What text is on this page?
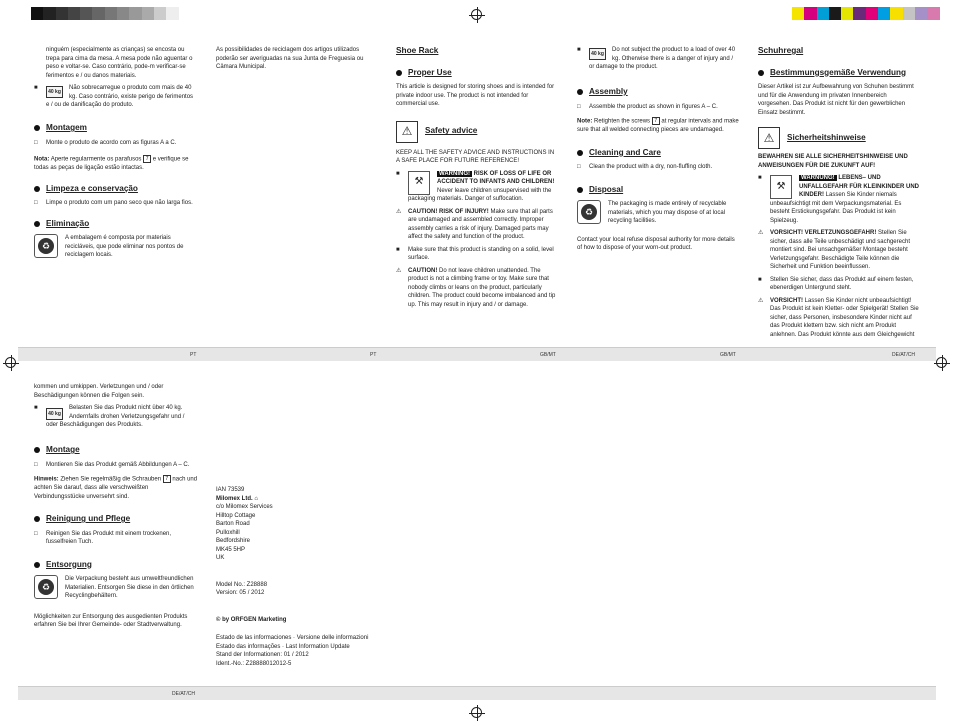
PT	PT	GB/MT	GB/MT	DE/AT/CH
DE/AT/CH

ninguém (especialmente as crianças) se encosta ou trepa para cima da mesa. A mesa pode não aguentar o peso e voltar-se. Caso contrário, pode-m verificar-se ferimentos e / ou danos materiais.

■
40 kg
Não sobrecarregue o produto com mais de 40 kg. Caso contrário, existe perigo de ferimentos e / ou de danificação do produto.
Montagem
□ Monte o produto de acordo com as figuras A a C.

Nota: Aperte regularmente os parafusos 7 e verifique se todas as peças de ligação estão intactas.

Limpeza e conservação
□ Limpe o produto com um pano seco que não larga fios.
Eliminação
♻

A embalagem é composta por materiais recicláveis, que pode eliminar nos pontos de reciclagem locais.

As possibilidades de reciclagem dos artigos utilizados poderão ser averiguadas na sua Junta de Freguesia ou Câmara Municipal.

Shoe Rack
Proper Use

This article is designed for storing shoes and is intended for private indoor use. The product is not intended for commercial use.

⚠	Safety advice

KEEP ALL THE SAFETY ADVICE AND INSTRUCTIONS IN A SAFE PLACE FOR FUTURE REFERENCE!

■
⚒
WARNING! RISK OF LOSS OF LIFE OR ACCIDENT TO INFANTS AND CHILDREN! Never leave children unsupervised with the packaging materials. Danger of suffocation.
⚠ CAUTION! RISK OF INJURY! Make sure that all parts are undamaged and assembled correctly. Improper assembly carries a risk of injury. Damaged parts may affect the safety and function of the product.
■ Make sure that this product is standing on a solid, level surface.
⚠ CAUTION! Do not leave children unattended. The product is not a climbing frame or toy. Make sure that nobody climbs or leans on the product, particularly children. The product could become imbalanced and tip up. This may result in injury and / or damage.
■
40 kg
Do not subject the product to a load of over 40 kg. Otherwise there is a danger of injury and / or damage to the product.
Assembly
□ Assemble the product as shown in figures A – C.

Note: Retighten the screws 7 at regular intervals and make sure that all welded connecting pieces are undamaged.

Cleaning and Care
□ Clean the product with a dry, non-fluffing cloth.
Disposal
♻

The packaging is made entirely of recyclable materials, which you may dispose of at local recycling facilities.

Contact your local refuse disposal authority for more details of how to dispose of your worn-out product.

Schuhregal
Bestimmungsgemäße Verwendung

Dieser Artikel ist zur Aufbewahrung von Schuhen bestimmt und für die Anwendung im privaten Innenbereich vorgesehen. Das Produkt ist nicht für den gewerblichen Einsatz bestimmt.

⚠	Sicherheitshinweise

BEWAHREN SIE ALLE SICHERHEITSHINWEISE UND ANWEISUNGEN FÜR DIE ZUKUNFT AUF!

■
⚒
WARNUNG! LEBENS– UND UNFALLGEFAHR FÜR KLEINKINDER UND KINDER! Lassen Sie Kinder niemals unbeaufsichtigt mit dem Verpackungsmaterial. Es besteht Erstickungsgefahr. Das Produkt ist kein Spielzeug.
⚠ VORSICHT! VERLETZUNGSGEFAHR! Stellen Sie sicher, dass alle Teile unbeschädigt und sachgerecht montiert sind. Bei unsachgemäßer Montage besteht Verletzungsgefahr. Beschädigte Teile können die Sicherheit und Funktion beeinflussen.
■ Stellen Sie sicher, dass das Produkt auf einem festen, ebenerdigen Untergrund steht.
⚠ VORSICHT! Lassen Sie Kinder nicht unbeaufsichtigt! Das Produkt ist kein Kletter- oder Spielgerät! Stellen Sie sicher, dass Personen, insbesondere Kinder nicht auf das Produkt klettern bzw. sich nicht am Produkt anlehnen. Das Produkt könnte aus dem Gleichgewicht

kommen und umkippen. Verletzungen und / oder Beschädigungen können die Folgen sein.

■
40 kg
Belasten Sie das Produkt nicht über 40 kg. Andernfalls drohen Verletzungsgefahr und / oder Beschädigungen des Produkts.
Montage
□ Montieren Sie das Produkt gemäß Abbildungen A – C.

Hinweis: Ziehen Sie regelmäßig die Schrauben 7 nach und achten Sie darauf, dass alle verschweißten Verbindungsstücke unversehrt sind.

Reinigung und Pflege
□ Reinigen Sie das Produkt mit einem trockenen, fusselfreien Tuch.
Entsorgung
♻

Die Verpackung besteht aus umweltfreundlichen Materialien. Entsorgen Sie diese in den örtlichen Recyclingbehältern.

Möglichkeiten zur Entsorgung des ausgedienten Produkts erfahren Sie bei Ihrer Gemeinde- oder Stadtverwaltung.

IAN 73539

Milomex Ltd. ⌂

c/o Milomex Services

Hilltop Cottage

Barton Road

Pulloxhill

Bedfordshire

MK45 5HP

UK

Model No.: Z28888

Version: 05 / 2012

© by ORFGEN Marketing

Estado de las informaciones · Versione delle informazioni

Estado das informações · Last Information Update

Stand der Informationen: 01 / 2012

Ident.-No.: Z28888012012-5
